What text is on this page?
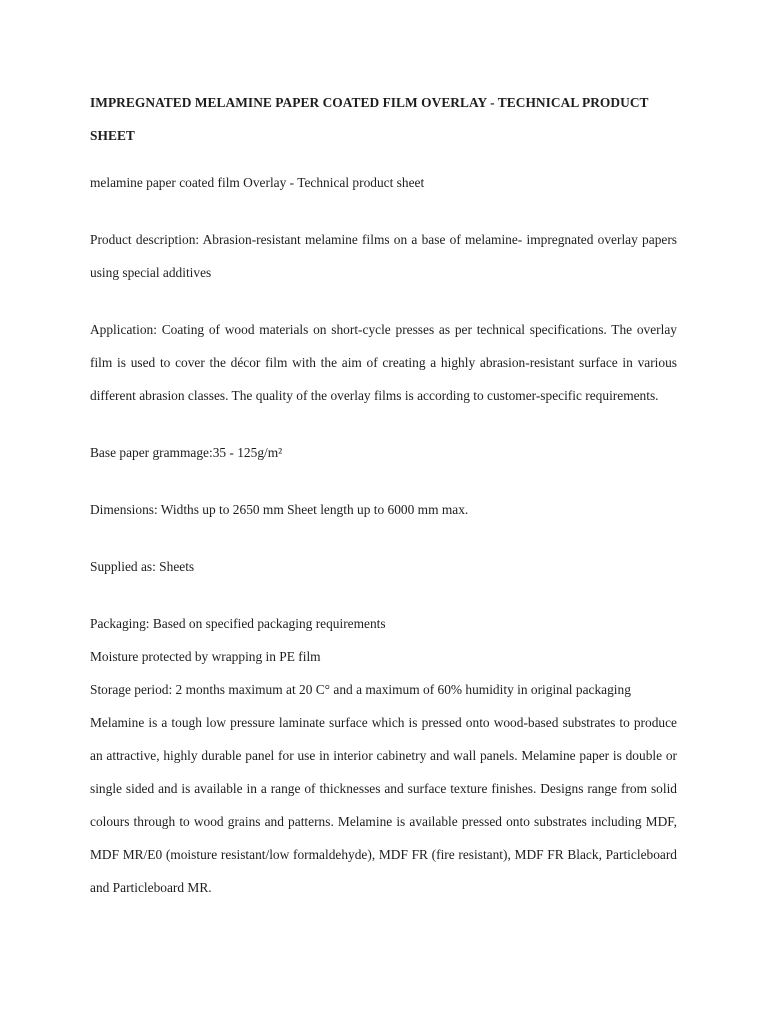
IMPREGNATED MELAMINE PAPER COATED FILM OVERLAY - TECHNICAL PRODUCT SHEET

melamine paper coated film Overlay - Technical product sheet

Product description: Abrasion-resistant melamine films on a base of melamine- impregnated overlay papers using special additives

Application: Coating of wood materials on short-cycle presses as per technical specifications. The overlay film is used to cover the décor film with the aim of creating a highly abrasion-resistant surface in various different abrasion classes. The quality of the overlay films is according to customer-specific requirements.

Base paper grammage:35 - 125g/m²

Dimensions: Widths up to 2650 mm Sheet length up to 6000 mm max.

Supplied as: Sheets

Packaging: Based on specified packaging requirements

Moisture protected by wrapping in PE film

Storage period: 2 months maximum at 20 C° and a maximum of 60% humidity in original packaging

Melamine is a tough low pressure laminate surface which is pressed onto wood-based substrates to produce an attractive, highly durable panel for use in interior cabinetry and wall panels. Melamine paper is double or single sided and is available in a range of thicknesses and surface texture finishes. Designs range from solid colours through to wood grains and patterns. Melamine is available pressed onto substrates including MDF, MDF MR/E0 (moisture resistant/low formaldehyde), MDF FR (fire resistant), MDF FR Black, Particleboard and Particleboard MR.
